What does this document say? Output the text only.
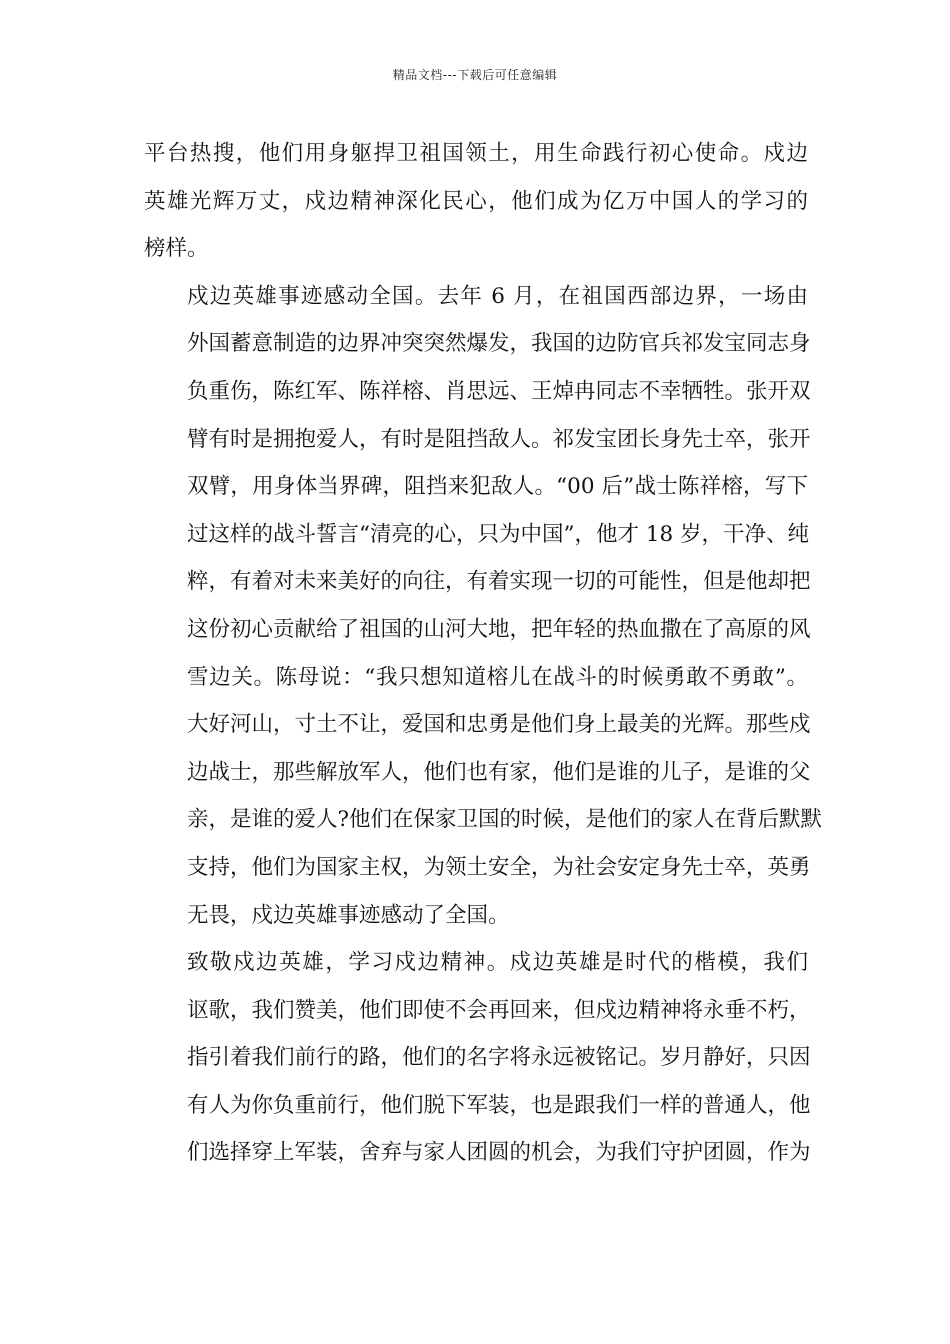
精品文档---下载后可任意编辑

平台热搜，他们用身躯捍卫祖国领土，用生命践行初心使命。戍边
英雄光辉万丈，戍边精神深化民心，他们成为亿万中国人的学习的
榜样。

戍边英雄事迹感动全国。去年 6 月，在祖国西部边界，一场由
外国蓄意制造的边界冲突突然爆发，我国的边防官兵祁发宝同志身
负重伤，陈红军、陈祥榕、肖思远、王焯冉同志不幸牺牲。张开双
臂有时是拥抱爱人，有时是阻挡敌人。祁发宝团长身先士卒，张开
双臂，用身体当界碑，阻挡来犯敌人。“00 后”战士陈祥榕，写下
过这样的战斗誓言“清亮的心，只为中国”，他才 18 岁，干净、纯
粹，有着对未来美好的向往，有着实现一切的可能性，但是他却把
这份初心贡献给了祖国的山河大地，把年轻的热血撒在了高原的风
雪边关。陈母说：“我只想知道榕儿在战斗的时候勇敢不勇敢”。
大好河山，寸土不让，爱国和忠勇是他们身上最美的光辉。那些戍
边战士，那些解放军人，他们也有家，他们是谁的儿子，是谁的父
亲，是谁的爱人?他们在保家卫国的时候，是他们的家人在背后默默
支持，他们为国家主权，为领土安全，为社会安定身先士卒，英勇
无畏，戍边英雄事迹感动了全国。

致敬戍边英雄，学习戍边精神。戍边英雄是时代的楷模，我们
讴歌，我们赞美，他们即使不会再回来，但戍边精神将永垂不朽，
指引着我们前行的路，他们的名字将永远被铭记。岁月静好，只因
有人为你负重前行，他们脱下军装，也是跟我们一样的普通人，他
们选择穿上军装，舍弃与家人团圆的机会，为我们守护团圆，作为
